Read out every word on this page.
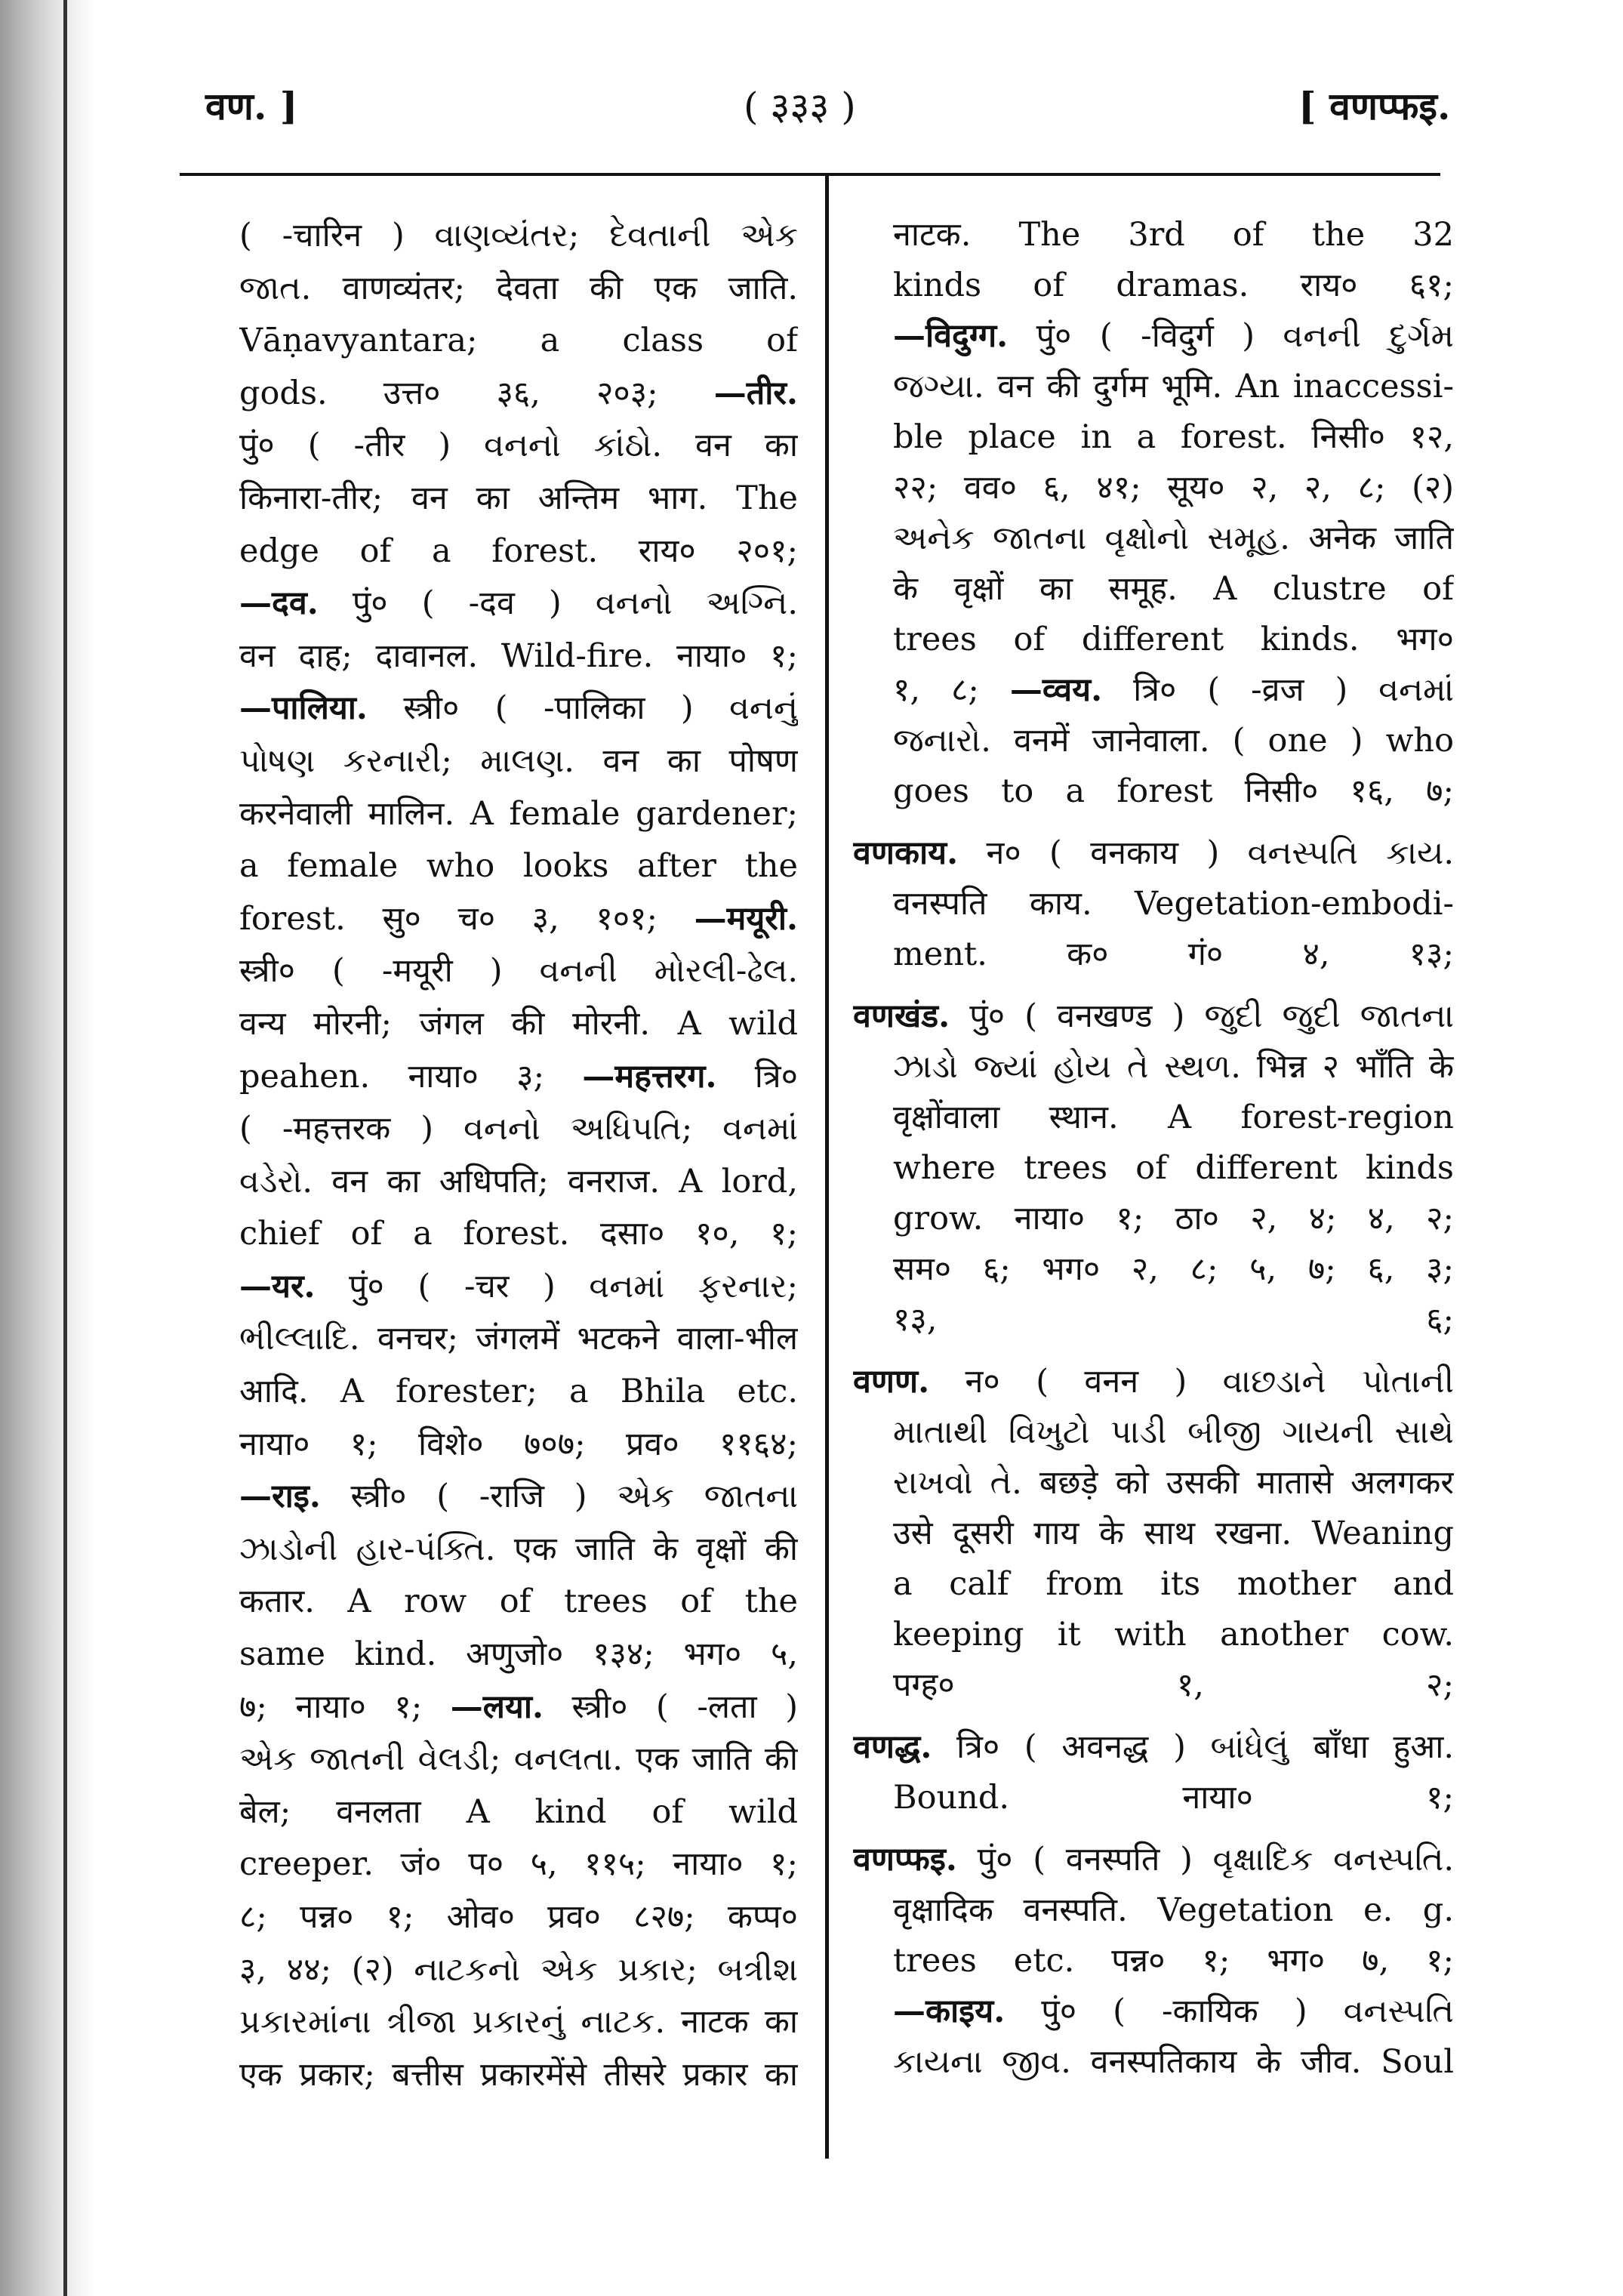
वण. ]	( ३३३ )	[ वणप्फइ.
( -चारिन ) વાણવ્યંતર; દેવતાની એક
જાત. वाणव्यंतर; देवता की एक जाति.
Vāṇavyantara; a class of
gods. उत्त० ३६, २०३; —तीर.
पुं० ( -तीर ) વનનો કાંઠો. वन का
किनारा-तीर; वन का अन्तिम भाग. The
edge of a forest. राय० २०१;
—दव. पुं० ( -दव ) વનનો અગ્નિ.
वन दाह; दावानल. Wild-fire. नाया० १;
—पालिया. स्त्री० ( -पालिका ) વનનું
પોષણ કરનારી; માલણ. वन का पोषण
करनेवाली मालिन. A female gardener;
a female who looks after the
forest. सु० च० ३, १०१; —मयूरी.
स्त्री० ( -मयूरी ) વનની મોરલી-ઢેલ.
वन्य मोरनी; जंगल की मोरनी. A wild
peahen. नाया० ३; —महत्तरग. त्रि०
( -महत्तरक ) વનનો અધિપતિ; વનમાં
વડેરો. वन का अधिपति; वनराज. A lord,
chief of a forest. दसा० १०, १;
—यर. पुं० ( -चर ) વનમાં ફરનાર;
ભીલ્લાદિ. वनचर; जंगलमें भटकने वाला-भील
आदि. A forester; a Bhila etc.
नाया० १; विशे० ७०७; प्रव० ११६४;
—राइ. स्त्री० ( -राजि ) એક જાતના
ઝાડોની હાર-પંક્તિ. एक जाति के वृक्षों की
कतार. A row of trees of the
same kind. अणुजो० १३४; भग० ५,
७; नाया० १; —लया. स्त्री० ( -लता )
એક જાતની વેલડી; વનલતા. एक जाति की
बेल; वनलता A kind of wild
creeper. जं० प० ५, ११५; नाया० १;
८; पन्न० १; ओव० प्रव० ८२७; कप्प०
३, ४४; (२) નાટકનો એક પ્રકાર; બત્રીશ
પ્રકારમાંના ત્રીજા પ્રકારનું નાટક. नाटक का
एक प्रकार; बत्तीस प्रकारमेंसे तीसरे प्रकार का
नाटक. The 3rd of the 32
kinds of dramas. राय० ६१;
—विदुग्ग. पुं० ( -विदुर्ग ) વનની દુર્ગમ
જગ્યા. वन की दुर्गम भूमि. An inaccessi-
ble place in a forest. निसी० १२,
२२; वव० ६, ४१; सूय० २, २, ८; (२)
અનેક જાતના વૃક્ષોનો સમૂહ. अनेक जाति
के वृक्षों का समूह. A clustre of
trees of different kinds. भग०
१, ८; —व्वय. त्रि० ( -व्रज ) વનમાં
જનારો. वनमें जानेवाला. ( one ) who
goes to a forest निसी० १६, ७;
वणकाय. न० ( वनकाय ) વનસ્પતિ કાય.
वनस्पति काय. Vegetation-embodi-
ment. क० गं० ४, १३;
वणखंड. पुं० ( वनखण्ड ) જુદી જુદી જાતના
ઝાડો જ્યાં હોય તે સ્થળ. भिन्न २ भाँति के
वृक्षोंवाला स्थान. A forest-region
where trees of different kinds
grow. नाया० १; ठा० २, ४; ४, २;
सम० ६; भग० २, ८; ५, ७; ६, ३;
१३, ६;
वणण. न० ( वनन ) વાછડાને પોતાની
માતાથી વિખુટો પાડી બીજી ગાયની સાથે
રાખવો તે. बछड़े को उसकी मातासे अलगकर
उसे दूसरी गाय के साथ रखना. Weaning
a calf from its mother and
keeping it with another cow.
पग्ह० १, २;
वणद्ध. त्रि० ( अवनद्ध ) બાંધેલું बाँधा हुआ.
Bound. नाया० १;
वणप्फइ. पुं० ( वनस्पति ) વૃક્ષાદિક વનસ્પતિ.
वृक्षादिक वनस्पति. Vegetation e. g.
trees etc. पन्न० १; भग० ७, १;
—काइय. पुं० ( -कायिक ) વનસ્પતિ
કાયના જીવ. वनस्पतिकाय के जीव. Soul
